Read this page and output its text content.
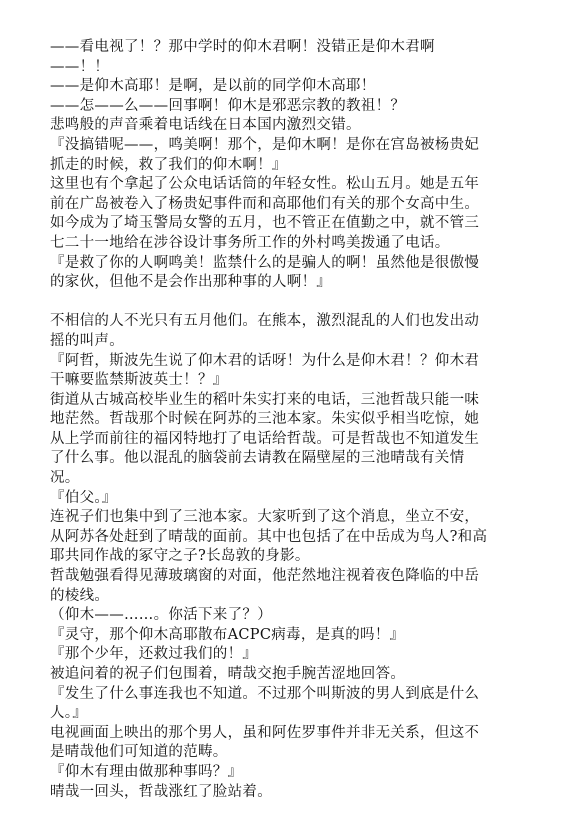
——看电视了！？那中学时的仰木君啊！没错正是仰木君啊
——！！
——是仰木高耶！是啊，是以前的同学仰木高耶！
——怎——么——回事啊！仰木是邪恶宗教的教祖！？
悲鸣般的声音乘着电话线在日本国内激烈交错。
『没搞错呢——，鸣美啊！那个，是仰木啊！是你在宫岛被杨贵妃
抓走的时候，救了我们的仰木啊！』
这里也有个拿起了公众电话话筒的年轻女性。松山五月。她是五年
前在广岛被卷入了杨贵妃事件而和高耶他们有关的那个女高中生。
如今成为了埼玉警局女警的五月，也不管正在值勤之中，就不管三
七二十一地给在涉谷设计事务所工作的外村鸣美拨通了电话。
『是救了你的人啊鸣美！监禁什么的是骗人的啊！虽然他是很傲慢
的家伙，但他不是会作出那种事的人啊！』
不相信的人不光只有五月他们。在熊本，激烈混乱的人们也发出动
摇的叫声。
『阿哲，斯波先生说了仰木君的话呀！为什么是仰木君！？仰木君
干嘛要监禁斯波英士！？』
街道从古城高校毕业生的稻叶朱实打来的电话，三池哲哉只能一味
地茫然。哲哉那个时候在阿苏的三池本家。朱实似乎相当吃惊，她
从上学而前往的福冈特地打了电话给哲哉。可是哲哉也不知道发生
了什么事。他以混乱的脑袋前去请教在隔壁屋的三池晴哉有关情
况。
『伯父。』
连祝子们也集中到了三池本家。大家听到了这个消息，坐立不安，
从阿苏各处赶到了晴哉的面前。其中也包括了在中岳成为鸟人?和高
耶共同作战的冢守之子?长岛敦的身影。
哲哉勉强看得见薄玻璃窗的对面，他茫然地注视着夜色降临的中岳
的棱线。
（仰木——……。你活下来了？）
『灵守，那个仰木高耶散布ACPC病毒，是真的吗！』
『那个少年，还救过我们的！』
被追问着的祝子们包围着，晴哉交抱手腕苦涩地回答。
『发生了什么事连我也不知道。不过那个叫斯波的男人到底是什么
人。』
电视画面上映出的那个男人，虽和阿佐罗事件并非无关系，但这不
是晴哉他们可知道的范畴。
『仰木有理由做那种事吗？』
晴哉一回头，哲哉涨红了脸站着。
